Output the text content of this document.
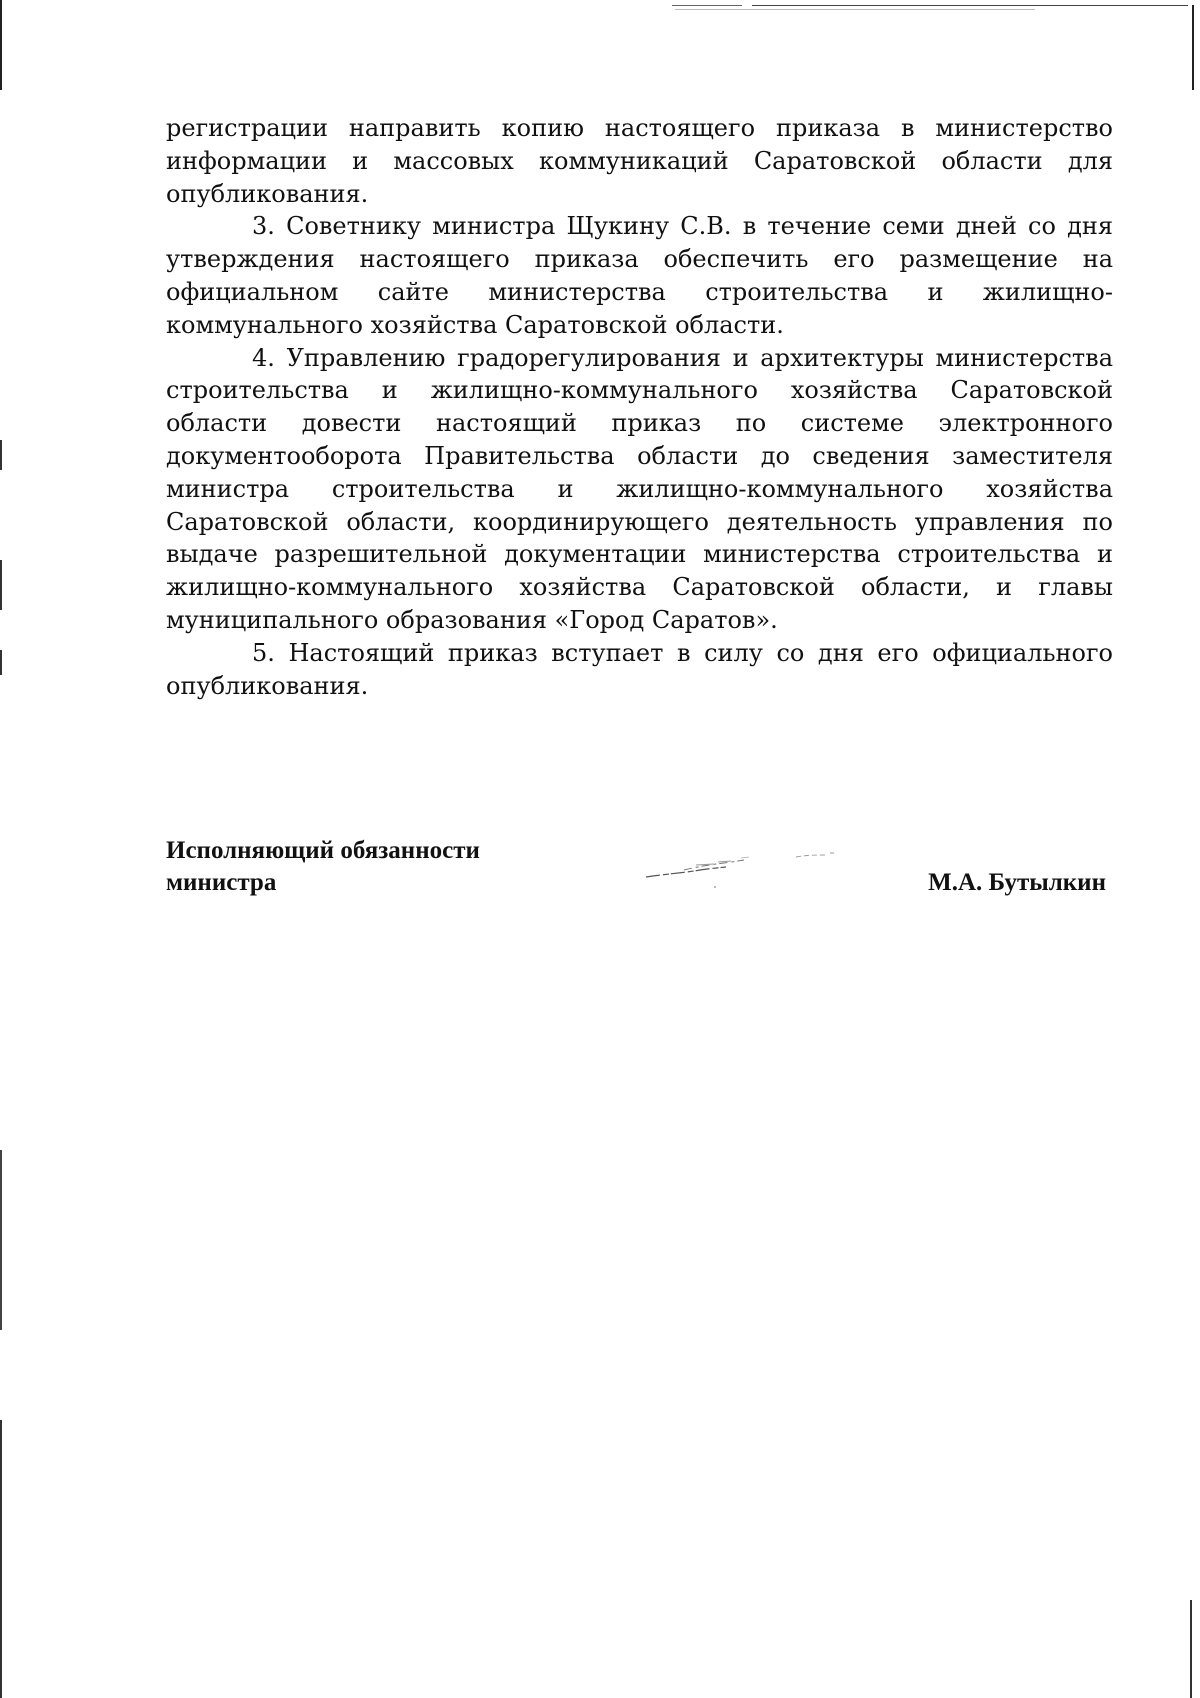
регистрации направить копию настоящего приказа в министерство информации и массовых коммуникаций Саратовской области для опубликования.

3. Советнику министра Щукину С.В. в течение семи дней со дня утверждения настоящего приказа обеспечить его размещение на официальном сайте министерства строительства и жилищно-коммунального хозяйства Саратовской области.

4. Управлению градорегулирования и архитектуры министерства строительства и жилищно-коммунального хозяйства Саратовской области довести настоящий приказ по системе электронного документооборота Правительства области до сведения заместителя министра строительства и жилищно-коммунального хозяйства Саратовской области, координирующего деятельность управления по выдаче разрешительной документации министерства строительства и жилищно-коммунального хозяйства Саратовской области, и главы муниципального образования «Город Саратов».

5. Настоящий приказ вступает в силу со дня его официального опубликования.

Исполняющий обязанности
министра	М.А. Бутылкин
